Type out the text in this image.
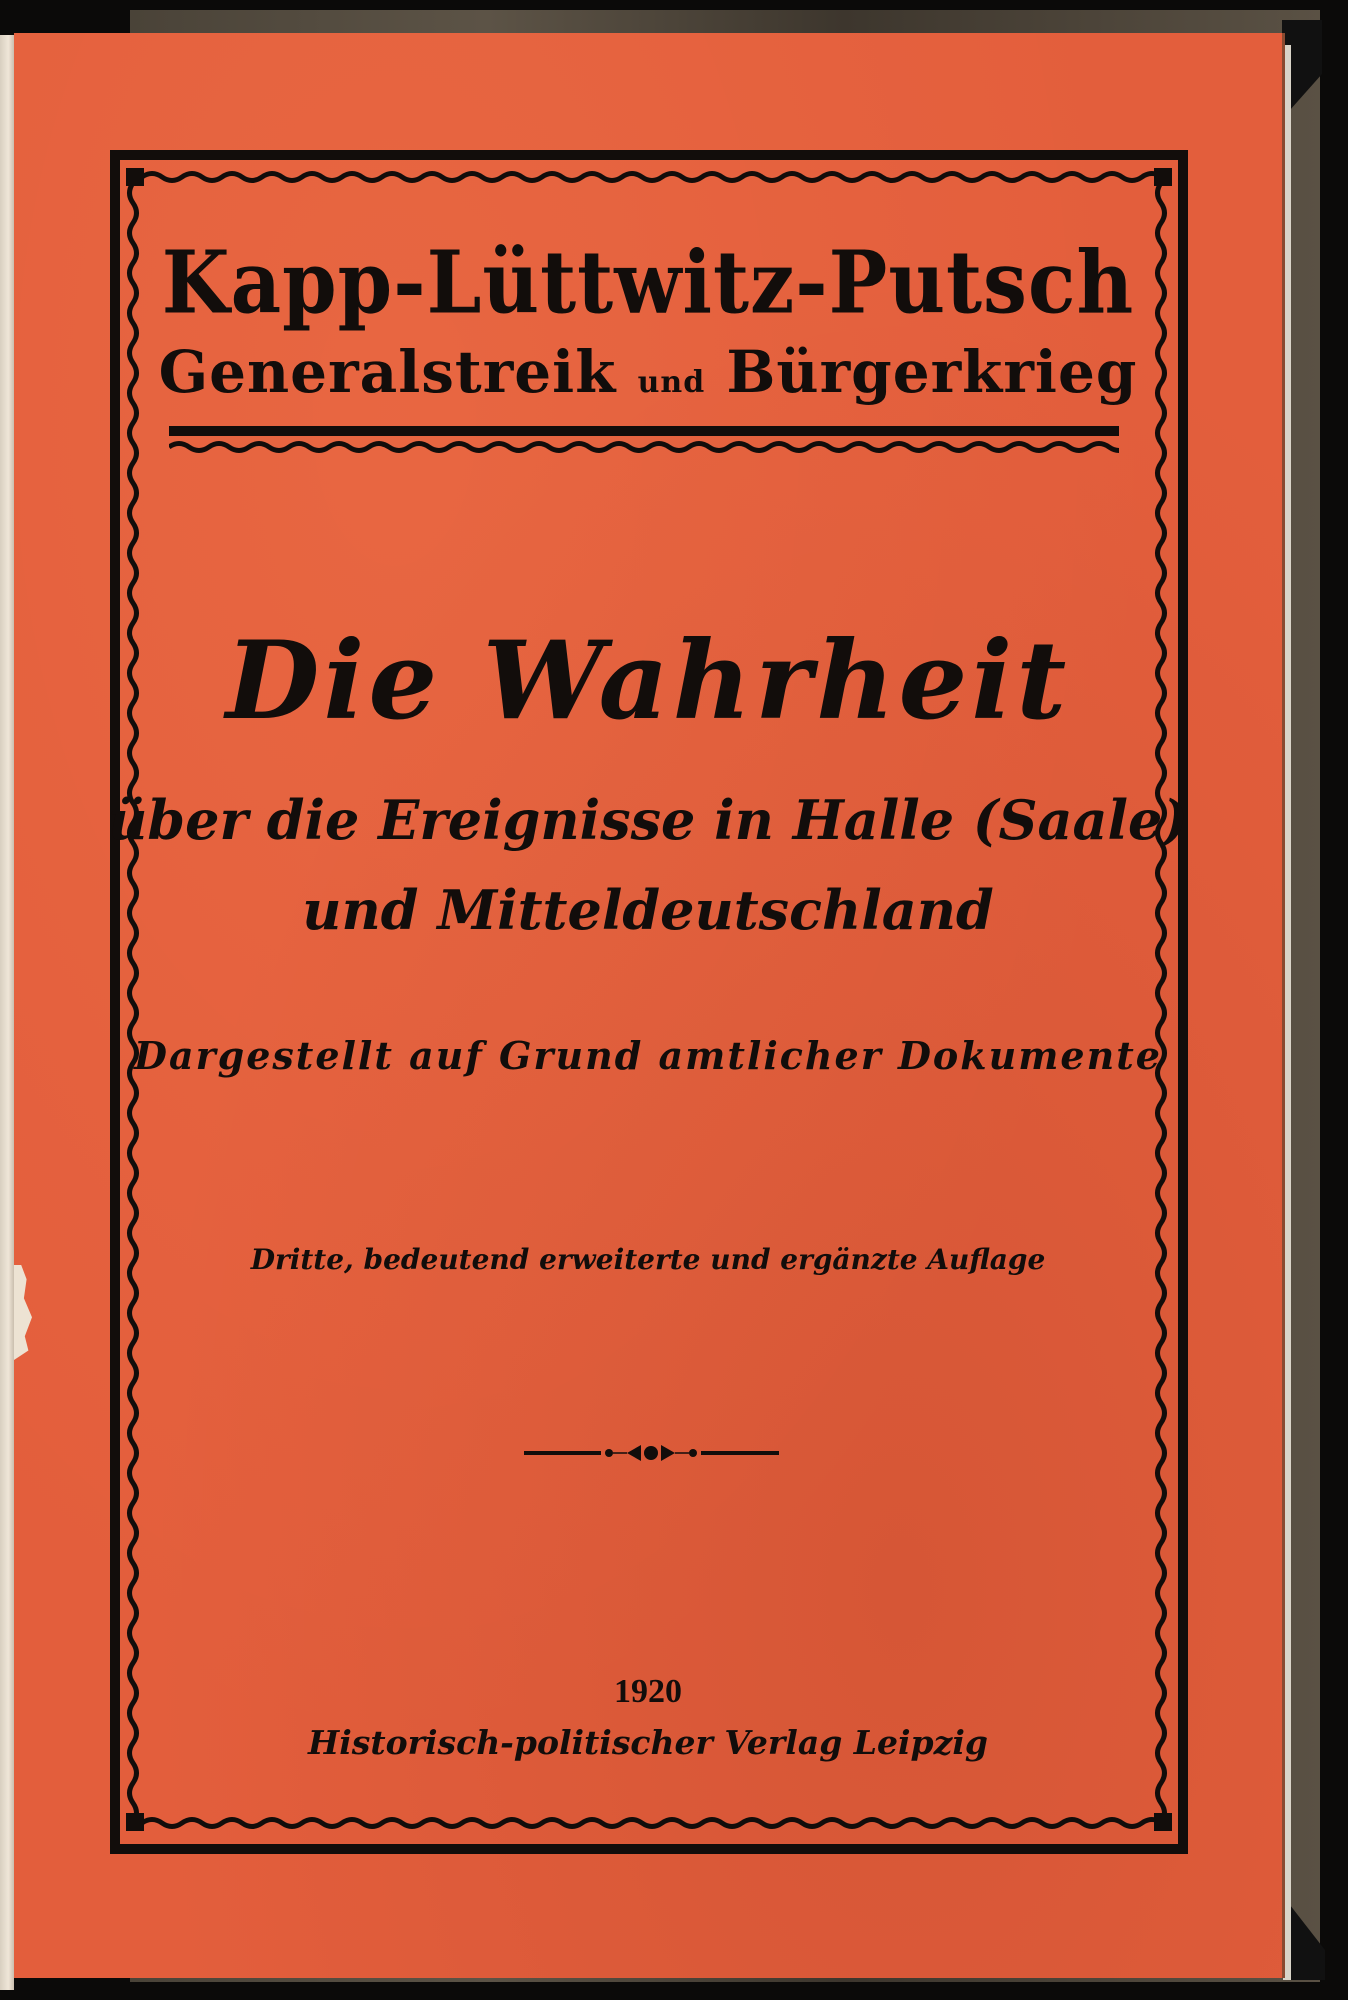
Kapp-Lüttwitz-Putsch
Generalstreik und Bürgerkrieg
Die Wahrheit
über die Ereignisse in Halle (Saale)
und Mitteldeutschland
Dargestellt auf Grund amtlicher Dokumente
Dritte, bedeutend erweiterte und ergänzte Auflage
1920
Historisch-politischer Verlag Leipzig
